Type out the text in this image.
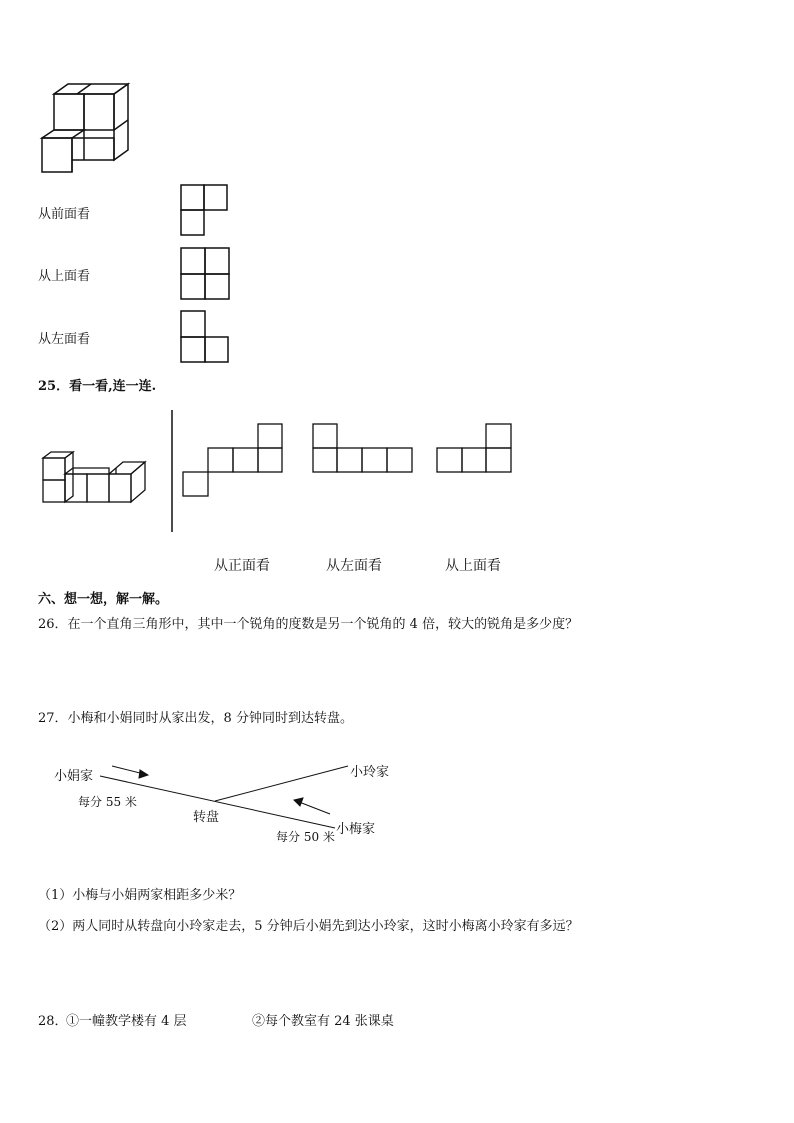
从前面看
从上面看
从左面看
25．看一看,连一连.
从正面看	从左面看	从上面看
六、想一想，解一解。
26．在一个直角三角形中，其中一个锐角的度数是另一个锐角的 4 倍，较大的锐角是多少度？
27．小梅和小娟同时从家出发，8 分钟同时到达转盘。
小娟家	小玲家
每分 55 米
转盘
小梅家
每分 50 米
（1）小梅与小娟两家相距多少米？
（2）两人同时从转盘向小玲家走去，5 分钟后小娟先到达小玲家，这时小梅离小玲家有多远？
28．
①一幢教学楼有 4 层	②每个教室有 24 张课桌
